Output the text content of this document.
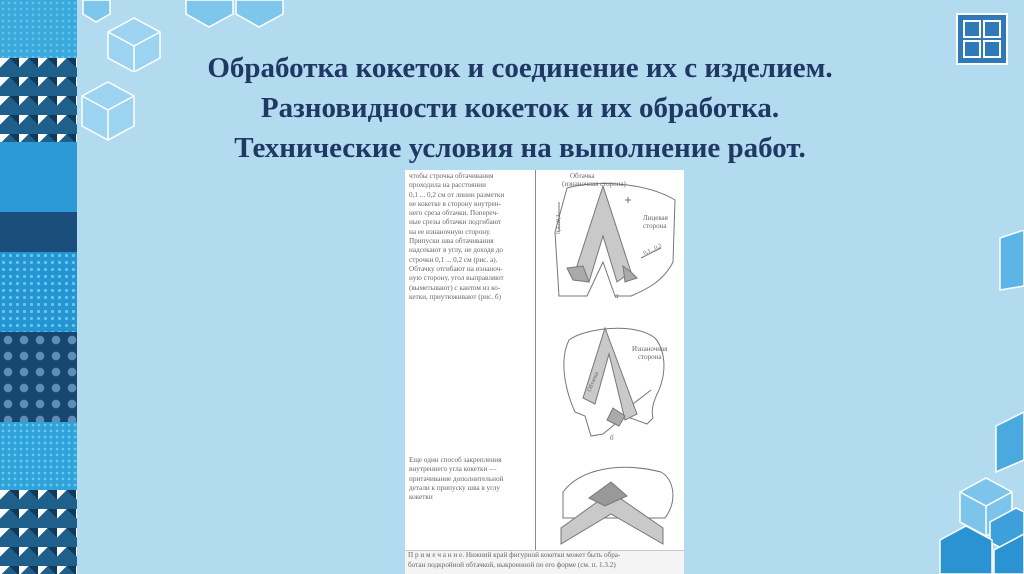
Обработка кокеток и соединение их с изделием.
Разновидности кокеток и их обработка.
Технические условия на выполнение работ.
чтобы строчка обтачивания
проходила на расстоянии
0,1 ... 0,2 см от линии разметки
не кокетке в сторону внутрен-
него среза обтачки. Попереч-
ные срезы обтачки подгибают
на ее изнаночную сторону.
Припуски шва обтачивания
надсекают в углу, не доходя до
строчки 0,1 ... 0,2 см (рис. а).
Обтачку отгибают на изнаноч-
ную сторону, угол выправляют
(выметывают) с кантом из ко-
кетки, приутюживают (рис. б)
Еще один способ закрепления
внутреннего угла кокетки —
притачивание дополнительной
детали к припуску шва в углу
кокетки
Обтачка
(изнаночная сторона)
Лицевая
сторона
0,1...0,2
0,1...0,2
а
Изнаночная
сторона
Обтачка
б
П р и м е ч а н и е. Нижний край фигурной кокетки может быть обра-
ботан подкройной обтачкой, выкроенной по его форме (см. п. 1.3.2)
